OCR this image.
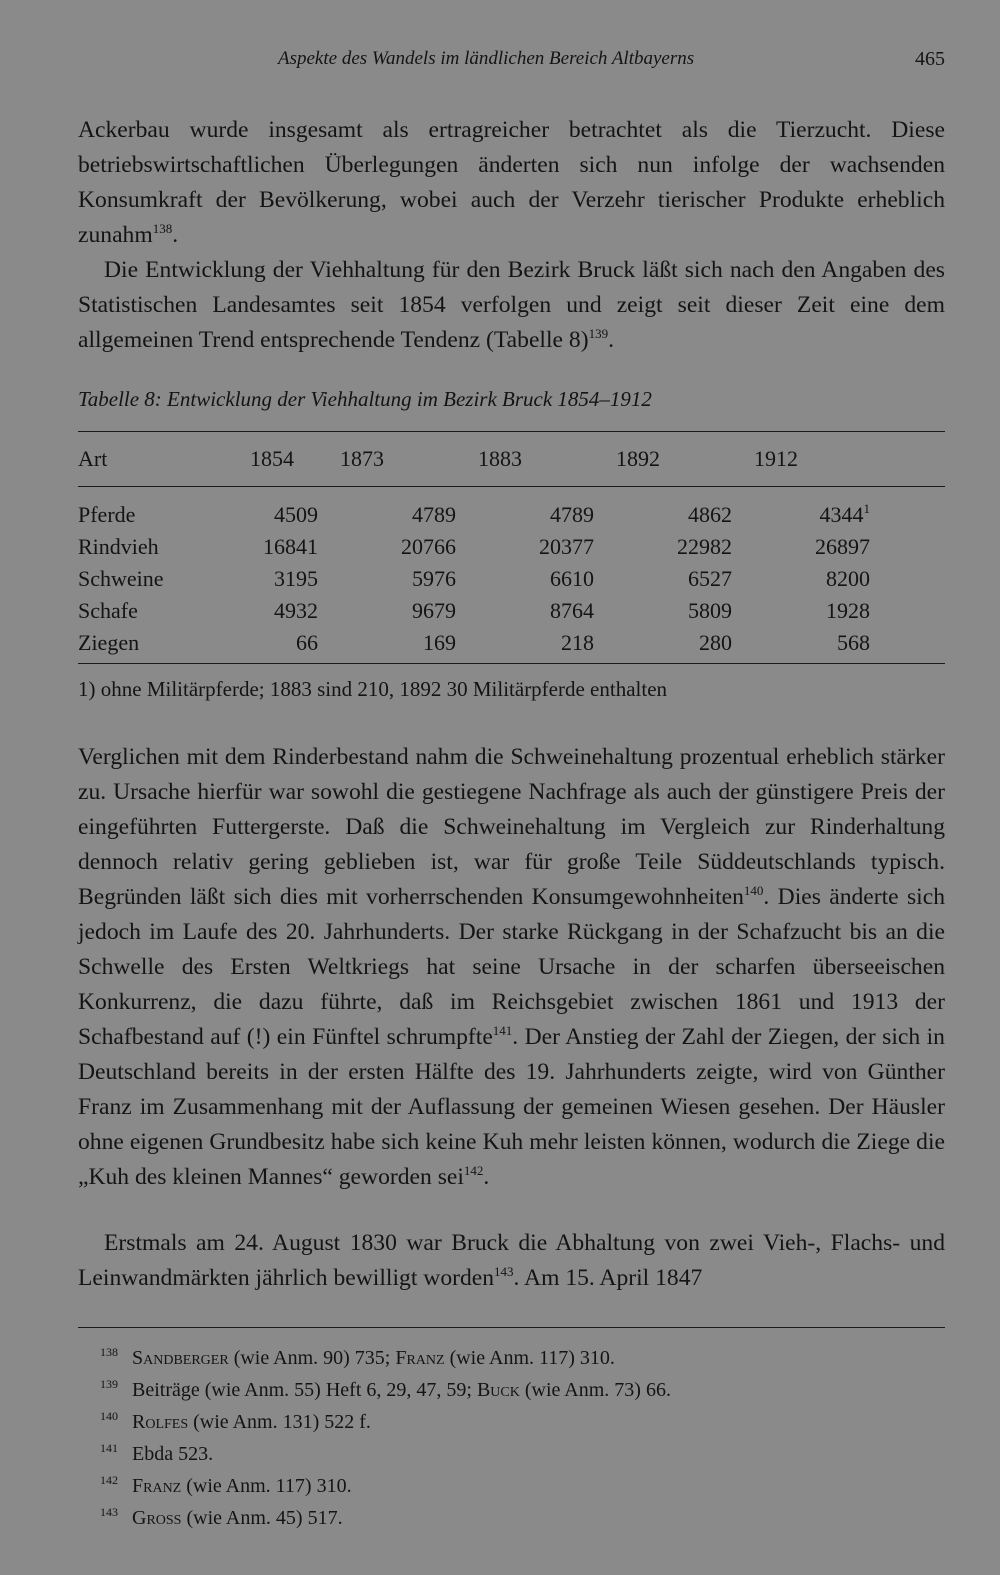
Aspekte des Wandels im ländlichen Bereich Altbayerns	465

Ackerbau wurde insgesamt als ertragreicher betrachtet als die Tierzucht. Diese betriebswirtschaftlichen Überlegungen änderten sich nun infolge der wachsenden Konsumkraft der Bevölkerung, wobei auch der Verzehr tierischer Produkte erheblich zunahm$^{138}$.

Die Entwicklung der Viehhaltung für den Bezirk Bruck läßt sich nach den Angaben des Statistischen Landesamtes seit 1854 verfolgen und zeigt seit dieser Zeit eine dem allgemeinen Trend entsprechende Tendenz (Tabelle 8)$^{139}$.

Tabelle 8: Entwicklung der Viehhaltung im Bezirk Bruck 1854–1912
Art	1854	1873	1883	1892	1912

Pferde	4509	4789	4789	4862	4344$^1$
Rindvieh	16841	20766	20377	22982	26897
Schweine	3195	5976	6610	6527	8200
Schafe	4932	9679	8764	5809	1928
Ziegen	66	169	218	280	568
1) ohne Militärpferde; 1883 sind 210, 1892 30 Militärpferde enthalten

Verglichen mit dem Rinderbestand nahm die Schweinehaltung prozentual erheblich stärker zu. Ursache hierfür war sowohl die gestiegene Nachfrage als auch der günstigere Preis der eingeführten Futtergerste. Daß die Schweinehaltung im Vergleich zur Rinderhaltung dennoch relativ gering geblieben ist, war für große Teile Süddeutschlands typisch. Begründen läßt sich dies mit vorherrschenden Konsumgewohnheiten$^{140}$. Dies änderte sich jedoch im Laufe des 20. Jahrhunderts. Der starke Rückgang in der Schafzucht bis an die Schwelle des Ersten Weltkriegs hat seine Ursache in der scharfen überseeischen Konkurrenz, die dazu führte, daß im Reichsgebiet zwischen 1861 und 1913 der Schafbestand auf (!) ein Fünftel schrumpfte$^{141}$. Der Anstieg der Zahl der Ziegen, der sich in Deutschland bereits in der ersten Hälfte des 19. Jahrhunderts zeigte, wird von Günther Franz im Zusammenhang mit der Auflassung der gemeinen Wiesen gesehen. Der Häusler ohne eigenen Grundbesitz habe sich keine Kuh mehr leisten können, wodurch die Ziege die „Kuh des kleinen Mannes“ geworden sei$^{142}$.

Erstmals am 24. August 1830 war Bruck die Abhaltung von zwei Vieh-, Flachs- und Leinwandmärkten jährlich bewilligt worden$^{143}$. Am 15. April 1847

138 Sandberger (wie Anm. 90) 735; Franz (wie Anm. 117) 310.
139 Beiträge (wie Anm. 55) Heft 6, 29, 47, 59; Buck (wie Anm. 73) 66.
140 Rolfes (wie Anm. 131) 522 f.
141 Ebda 523.
142 Franz (wie Anm. 117) 310.
143 Gross (wie Anm. 45) 517.
